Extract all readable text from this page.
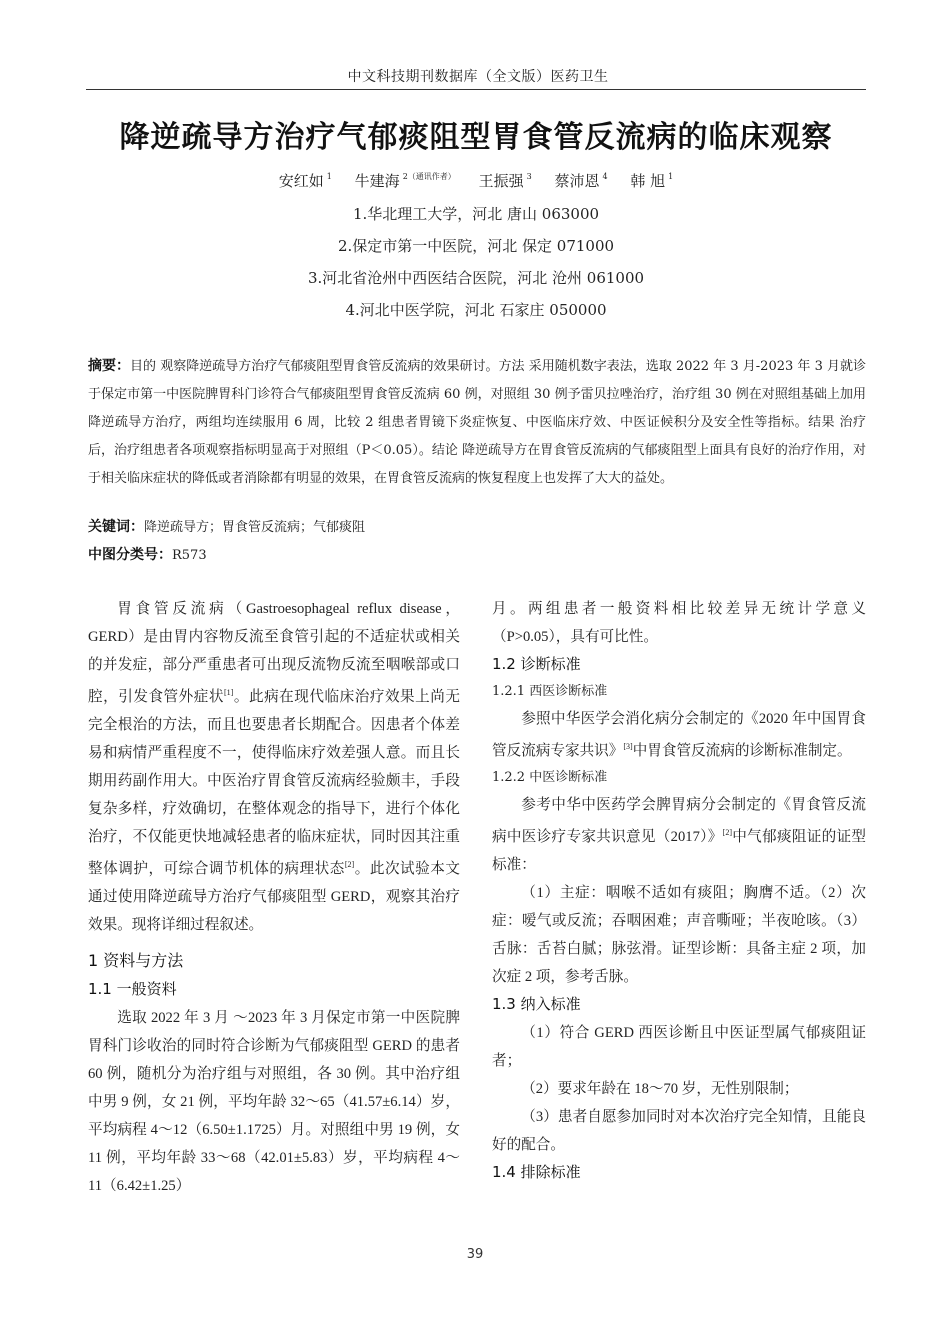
中文科技期刊数据库（全文版）医药卫生
降逆疏导方治疗气郁痰阻型胃食管反流病的临床观察
安红如 $^1$ 牛建海 $^{2(通讯作者)}$ 王振强 $^3$ 蔡沛恩 $^4$ 韩 旭 $^1$
1.华北理工大学，河北 唐山 063000
2.保定市第一中医院，河北 保定 071000
3.河北省沧州中西医结合医院，河北 沧州 061000
4.河北中医学院，河北 石家庄 050000
摘要：目的 观察降逆疏导方治疗气郁痰阻型胃食管反流病的效果研讨。方法 采用随机数字表法，选取 2022 年 3 月-2023 年 3 月就诊于保定市第一中医院脾胃科门诊符合气郁痰阻型胃食管反流病 60 例，对照组 30 例予雷贝拉唑治疗，治疗组 30 例在对照组基础上加用降逆疏导方治疗，两组均连续服用 6 周，比较 2 组患者胃镜下炎症恢复、中医临床疗效、中医证候积分及安全性等指标。结果 治疗后，治疗组患者各项观察指标明显高于对照组（P＜0.05）。结论 降逆疏导方在胃食管反流病的气郁痰阻型上面具有良好的治疗作用，对于相关临床症状的降低或者消除都有明显的效果，在胃食管反流病的恢复程度上也发挥了大大的益处。
关键词：降逆疏导方；胃食管反流病；气郁痰阻
中图分类号：R573

胃食管反流病（Gastroesophageal reflux disease，GERD）是由胃内容物反流至食管引起的不适症状或相关的并发症，部分严重患者可出现反流物反流至咽喉部或口腔，引发食管外症状[1]。此病在现代临床治疗效果上尚无完全根治的方法，而且也要患者长期配合。因患者个体差易和病情严重程度不一，使得临床疗效差强人意。而且长期用药副作用大。中医治疗胃食管反流病经验颇丰，手段复杂多样，疗效确切，在整体观念的指导下，进行个体化治疗，不仅能更快地减轻患者的临床症状，同时因其注重整体调护，可综合调节机体的病理状态[2]。此次试验本文通过使用降逆疏导方治疗气郁痰阻型 GERD，观察其治疗效果。现将详细过程叙述。

1 资料与方法
1.1 一般资料

选取 2022 年 3 月 ～2023 年 3 月保定市第一中医院脾胃科门诊收治的同时符合诊断为气郁痰阻型 GERD 的患者 60 例，随机分为治疗组与对照组，各 30 例。其中治疗组中男 9 例，女 21 例，平均年龄 32～65（41.57±6.14）岁，平均病程 4～12（6.50±1.1725）月。对照组中男 19 例，女 11 例，平均年龄 33～68（42.01±5.83）岁，平均病程 4～11（6.42±1.25）

月。两组患者一般资料相比较差异无统计学意义（P>0.05），具有可比性。

1.2 诊断标准
1.2.1 西医诊断标准

参照中华医学会消化病分会制定的《2020 年中国胃食管反流病专家共识》[3]中胃食管反流病的诊断标准制定。

1.2.2 中医诊断标准

参考中华中医药学会脾胃病分会制定的《胃食管反流病中医诊疗专家共识意见（2017）》[2]中气郁痰阻证的证型标准：

（1）主症：咽喉不适如有痰阻；胸膺不适。（2）次症：嗳气或反流；吞咽困难；声音嘶哑；半夜呛咳。（3）舌脉：舌苔白腻；脉弦滑。证型诊断：具备主症 2 项，加次症 2 项，参考舌脉。

1.3 纳入标准

（1）符合 GERD 西医诊断且中医证型属气郁痰阻证者；

（2）要求年龄在 18～70 岁，无性别限制；

（3）患者自愿参加同时对本次治疗完全知情，且能良好的配合。

1.4 排除标准
39
